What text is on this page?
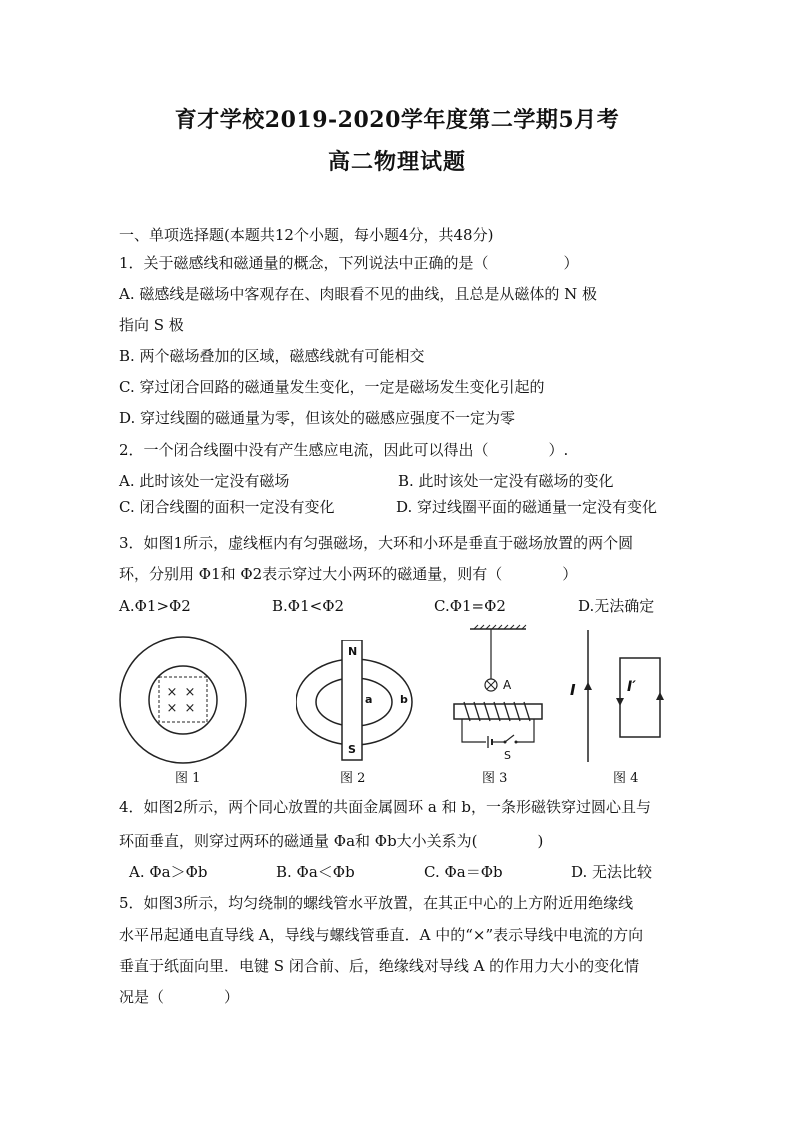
育才学校2019-2020学年度第二学期5月考
高二物理试题
一、单项选择题(本题共12个小题，每小题4分，共48分)
1．关于磁感线和磁通量的概念，下列说法中正确的是（　　　　　）
A. 磁感线是磁场中客观存在、肉眼看不见的曲线，且总是从磁体的 N 极
指向 S 极
B. 两个磁场叠加的区域，磁感线就有可能相交
C. 穿过闭合回路的磁通量发生变化，一定是磁场发生变化引起的
D. 穿过线圈的磁通量为零，但该处的磁感应强度不一定为零
2．一个闭合线圈中没有产生感应电流，因此可以得出（　　　　）.
A. 此时该处一定没有磁场	B. 此时该处一定没有磁场的变化
C. 闭合线圈的面积一定没有变化	D. 穿过线圈平面的磁通量一定没有变化
3．如图1所示，虚线框内有匀强磁场，大环和小环是垂直于磁场放置的两个圆
环，分别用 Φ1和 Φ2表示穿过大小两环的磁通量，则有（　　　　）
A.Φ1>Φ2	B.Φ1<Φ2	C.Φ1=Φ2	D.无法确定
× ×
× ×
图 1
N
S
a	b
图 2
A
S
图 3
I	I′
图 4
4．如图2所示，两个同心放置的共面金属圆环 a 和 b，一条形磁铁穿过圆心且与
环面垂直，则穿过两环的磁通量 Φa和 Φb大小关系为(　　　　)
A. Φa＞Φb	B. Φa＜Φb	C. Φa＝Φb	D. 无法比较
5．如图3所示，均匀绕制的螺线管水平放置，在其正中心的上方附近用绝缘线
水平吊起通电直导线 A，导线与螺线管垂直．A 中的“×”表示导线中电流的方向
垂直于纸面向里．电键 S 闭合前、后，绝缘线对导线 A 的作用力大小的变化情
况是（　　　　）
